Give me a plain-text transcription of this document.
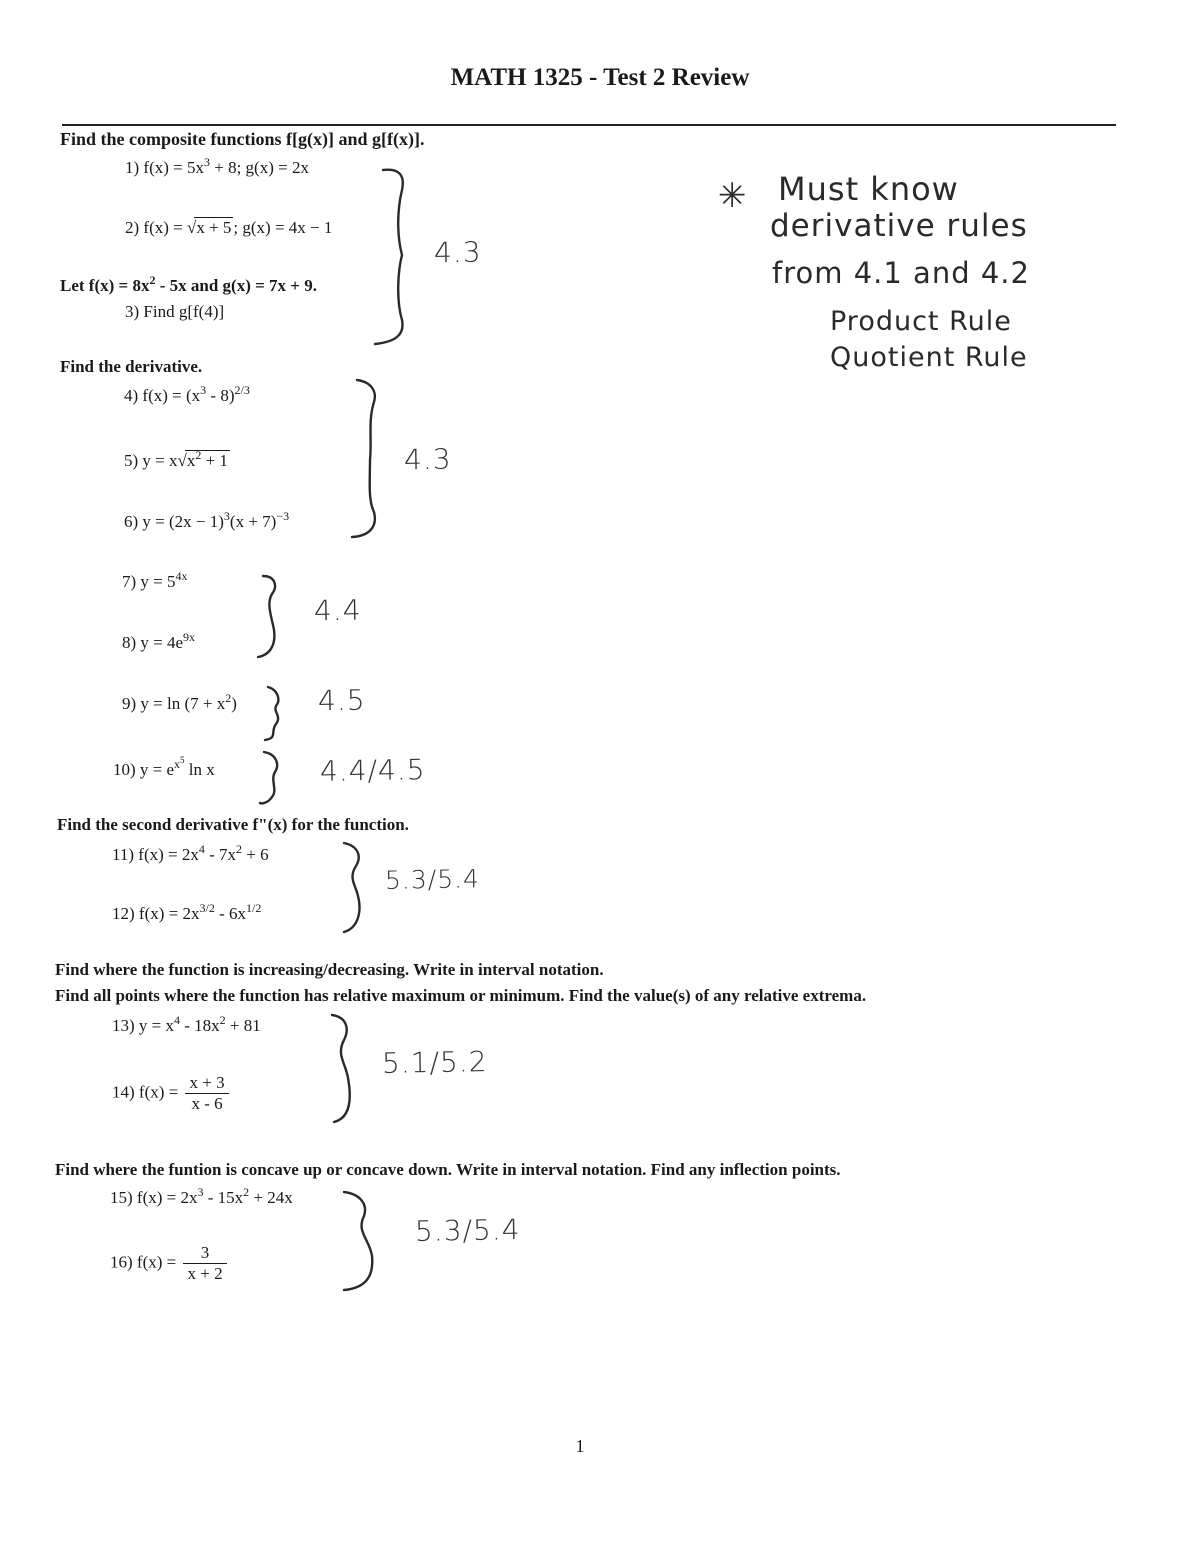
MATH 1325 - Test 2 Review
Find the composite functions f[g(x)] and g[f(x)].
1) $f(x) = 5x^3 + 8$; g(x) = 2x
2) f(x) = √x + 5 ; g(x) = 4x − 1
Let $f(x) = 8x^2 - 5x$ and g(x) = 7x + 9.
3) Find g[f(4)]
Find the derivative.
4) $f(x) = (x^3 - 8)^{2/3}$
5) $y = x√x^2 + 1$
6) $y = (2x - 1)^3(x + 7)^{-3}$
7) $y = 5^{4x}$
8) $y = 4e^{9x}$
9) $y = \ln (7 + x^2)$
10) $y = e^{x^5}$ ln x
Find the second derivative f"(x) for the function.
11) $f(x) = 2x^4 - 7x^2 + 6$
12) $f(x) = 2x^{3/2} - 6x^{1/2}$
Find where the function is increasing/decreasing. Write in interval notation.
Find all points where the function has relative maximum or minimum. Find the value(s) of any relative extrema.
13) $y = x^4 - 18x^2 + 81$
14) $f(x) = \frac{x + 3}{x - 6}$
Find where the funtion is concave up or concave down. Write in interval notation. Find any inflection points.
15) $f(x) = 2x^3 - 15x^2 + 24x$
16) $f(x) = \frac{3}{x + 2}$
4.3
4.3
4.4
4.5
4.4/4.5
5.3/5.4
5.1/5.2
5.3/5.4
✳ Must know
derivative rules
from 4.1 and 4.2
Product Rule
Quotient Rule
1
